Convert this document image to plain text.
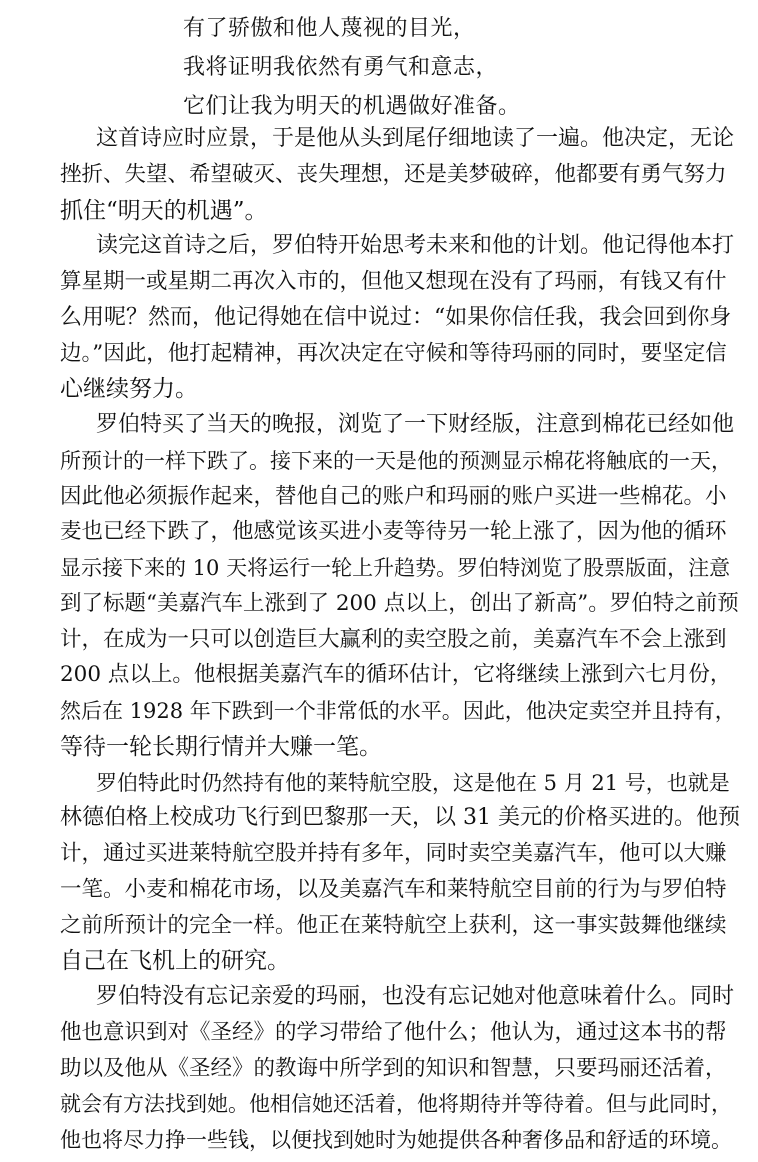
有了骄傲和他人蔑视的目光，
我将证明我依然有勇气和意志，
它们让我为明天的机遇做好准备。
这首诗应时应景，于是他从头到尾仔细地读了一遍。他决定，无论
挫折、失望、希望破灭、丧失理想，还是美梦破碎，他都要有勇气努力
抓住“明天的机遇”。
读完这首诗之后，罗伯特开始思考未来和他的计划。他记得他本打
算星期一或星期二再次入市的，但他又想现在没有了玛丽，有钱又有什
么用呢？然而，他记得她在信中说过：“如果你信任我，我会回到你身
边。”因此，他打起精神，再次决定在守候和等待玛丽的同时，要坚定信
心继续努力。
罗伯特买了当天的晚报，浏览了一下财经版，注意到棉花已经如他
所预计的一样下跌了。接下来的一天是他的预测显示棉花将触底的一天，
因此他必须振作起来，替他自己的账户和玛丽的账户买进一些棉花。小
麦也已经下跌了，他感觉该买进小麦等待另一轮上涨了，因为他的循环
显示接下来的 10 天将运行一轮上升趋势。罗伯特浏览了股票版面，注意
到了标题“美嘉汽车上涨到了 200 点以上，创出了新高”。罗伯特之前预
计，在成为一只可以创造巨大赢利的卖空股之前，美嘉汽车不会上涨到
200 点以上。他根据美嘉汽车的循环估计，它将继续上涨到六七月份，
然后在 1928 年下跌到一个非常低的水平。因此，他决定卖空并且持有，
等待一轮长期行情并大赚一笔。
罗伯特此时仍然持有他的莱特航空股，这是他在 5 月 21 号，也就是
林德伯格上校成功飞行到巴黎那一天，以 31 美元的价格买进的。他预
计，通过买进莱特航空股并持有多年，同时卖空美嘉汽车，他可以大赚
一笔。小麦和棉花市场，以及美嘉汽车和莱特航空目前的行为与罗伯特
之前所预计的完全一样。他正在莱特航空上获利，这一事实鼓舞他继续
自己在飞机上的研究。
罗伯特没有忘记亲爱的玛丽，也没有忘记她对他意味着什么。同时
他也意识到对《圣经》的学习带给了他什么；他认为，通过这本书的帮
助以及他从《圣经》的教诲中所学到的知识和智慧，只要玛丽还活着，
就会有方法找到她。他相信她还活着，他将期待并等待着。但与此同时，
他也将尽力挣一些钱，以便找到她时为她提供各种奢侈品和舒适的环境。
